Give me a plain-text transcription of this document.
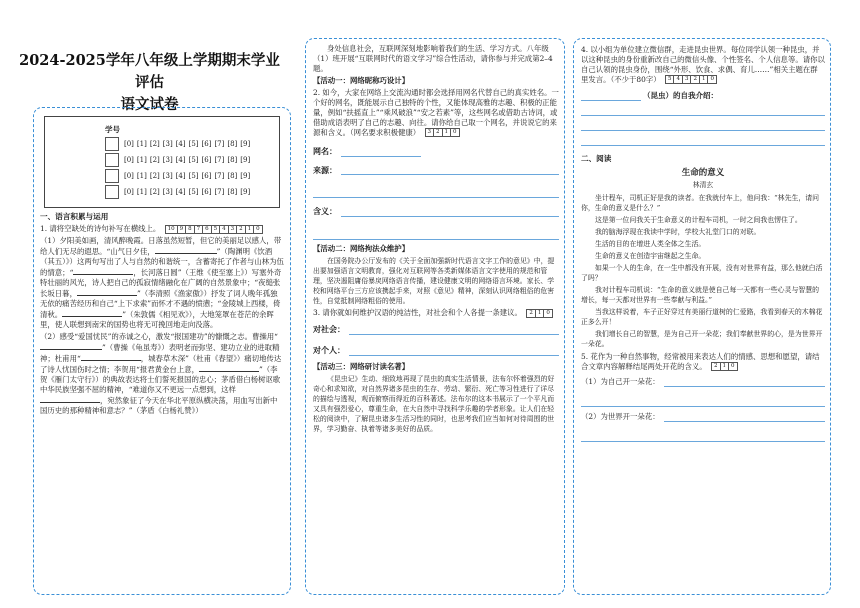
2024-2025学年八年级上学期期末学业评估
语文试卷
学号
[0] [1] [2] [3] [4] [5] [6] [7] [8] [9]
[0] [1] [2] [3] [4] [5] [6] [7] [8] [9]
[0] [1] [2] [3] [4] [5] [6] [7] [8] [9]
[0] [1] [2] [3] [4] [5] [6] [7] [8] [9]

一、语言积累与运用

1. 请将空缺处的诗句补写在横线上。	10 9 8 7 6 5 4 3 2 1 0

（1）夕阳美如画，清风醉晚霞。日落虽然短暂，但它的美丽足以感人，带给人们无尽的遐思。“山气日夕佳，	”（陶渊明《饮酒（其五）》）这两句写出了人与自然的和谐统一，含蓄寄托了作者与山林为伍的情意；“	，长河落日圆”（王维《使至塞上》）写塞外奇特壮丽的风光，诗人把自己的孤寂情绪融化在广阔的自然景象中；“夜缒张长坂日暮，	”（李清照《渔家傲》）抒发了词人晚年孤独无依的痛苦经历和自己“上下求索”而怀才不遇的愤懑；“金陵城上西楼，倚清秋。	”（朱敦儒《相见欢》），大地笼罩在苍茫的余晖里，使人联想到南宋的国势也将无可挽回地走向没落。

（2）感受“爱国忧民”的赤诚之心，激发“报国建功”的慷慨之志。曹操用“”（曹操《龟虽寿》）表明老而弥坚、建功立业的进取精神；杜甫用“	，城春草木深”（杜甫《春望》）痛切地传达了诗人忧国伤时之情；李贺用“报君黄金台上意，	”（李贺《雁门太守行》）的典故表达将士们誓死报国的忠心；茅盾借白杨树讴歌中华民族坚强不屈的精神，“难道你又不更远一点想到，这样，宛然象征了今天在华北平原纵横决荡，用血写出新中国历史的那种精神和意志？”（茅盾《白杨礼赞》）

身处信息社会，互联网深刻地影响着我们的生活、学习方式。八年级（1）班开展“互联网时代的语文学习”综合性活动，请你参与并完成第2–4题。

【活动一：网络昵称巧设计】

2. 如今，大家在网络上交流沟通时都会选择用网名代替自己的真实姓名。一个好的网名，既能展示自己独特的个性，又能体现高雅的志趣、积极的正能量，例如“扶摇直上”“乘风破浪”“安之若素”等，这些网名或借助古诗词，或借助成语表明了自己的志趣、向往。请你给自己取一个网名，并说说它的来源和含义。（网名要求积极健康）	3 2 1 0

网名：
来源：
含义：

【活动二：网络拘法众维护】

在国务院办公厅发布的《关于全面加强新时代语言文字工作的意见》中，提出要加强语言文明教育，强化对互联网等各类新媒体语言文字使用的规范和管理，坚决遏阻庸俗暴戾网络语言传播，建设健康文明的网络语言环境。家长、学校和网络平台三方应该携起手来，对照《意见》精神，深刻认识网络粗俗的危害性，自觉抵制网络粗俗的使用。

3. 请你就如何维护汉语的纯洁性，对社会和个人各提一条建议。	2 1 0

对社会：
对个人：

【活动三：网络研讨读名著】

《昆虫记》生动、细致地再现了昆虫的真实生活情景，法布尔怀着强烈的好奇心和求知欲，对自然界诸多昆虫的生存、劳动、繁衍、死亡等习性进行了详尽的描绘与透视，观而俯察而得近的百科著述。法布尔的这本书展示了一个平凡而又具有强烈爱心，尊重生命，在大自然中寻找科学乐趣的学者形象。让人们在轻松的阅读中，了解昆虫诸多生活习性的同时，也思考我们应当如何对待周围的世界，学习勤奋、执着等诸多美好的品质。

4. 以小组为单位建立微信群，走进昆虫世界。每位同学认领一种昆虫，并以这种昆虫的身份重新改自己的微信头像、个性签名、个人信息等。请你以自己认领的昆虫身份，围绕“外形、饮食、求偶、育儿……”相关主题在群里发言。（不少于80字）	5 4 3 2 1 0

（昆虫）的自我介绍：

二、阅读

生命的意义
林清玄

坐计程车，司机正好是我的读者。在我就付车上，他问我：“林先生，请问你，生命的意义是什么？”

这是第一位问我关于生命意义的计程车司机，一时之间我也愣住了。

我的脑海浮现在我读中学时，学校大礼堂门口的对联。

生活的目的在增进人类全体之生活。

生命的意义在创造宇宙继起之生命。

如果一个人的生命，在一生中都没有开展，没有对世界有益，那么他就白活了吗？

我对计程车司机说：“生命的意义就是使自己每一天都有一些心灵与智慧的增长，每一天都对世界有一些奉献与利益。”

当我这样说着，车子正好穿过有美丽行道树的仁爱路，我看到春天的木棉花正多么开！

我们增长自己的智慧，是为自己开一朵花；我们奉献世界的心，是为世界开一朵花。

5. 花作为一种自然事物，经常被用来表达人们的情感、思想和愿望，请结合文章内容解释结尾两处开花的含义。	2 1 0

（1）为自己开一朵花：
（2）为世界开一朵花：
